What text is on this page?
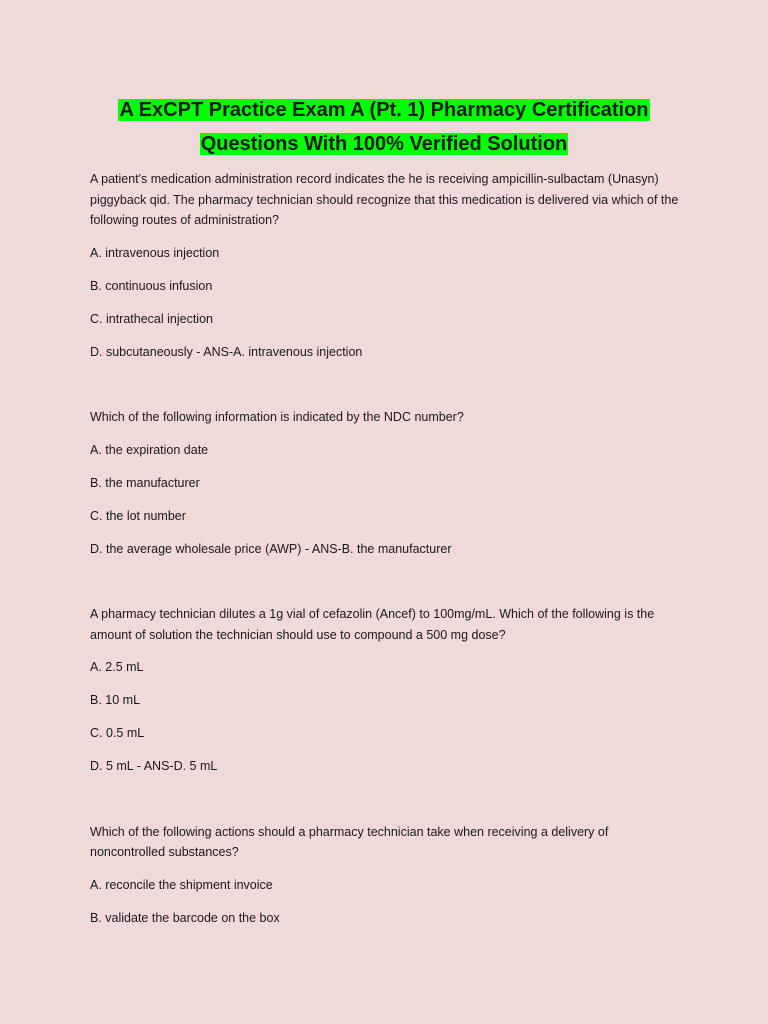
A ExCPT Practice Exam A (Pt. 1) Pharmacy Certification
Questions With 100% Verified Solution

A patient's medication administration record indicates the he is receiving ampicillin-sulbactam (Unasyn) piggyback qid. The pharmacy technician should recognize that this medication is delivered via which of the following routes of administration?

A. intravenous injection

B. continuous infusion

C. intrathecal injection

D. subcutaneously - ANS-A. intravenous injection

Which of the following information is indicated by the NDC number?

A. the expiration date

B. the manufacturer

C. the lot number

D. the average wholesale price (AWP) - ANS-B. the manufacturer

A pharmacy technician dilutes a 1g vial of cefazolin (Ancef) to 100mg/mL. Which of the following is the amount of solution the technician should use to compound a 500 mg dose?

A. 2.5 mL

B. 10 mL

C. 0.5 mL

D. 5 mL - ANS-D. 5 mL

Which of the following actions should a pharmacy technician take when receiving a delivery of noncontrolled substances?

A. reconcile the shipment invoice

B. validate the barcode on the box
